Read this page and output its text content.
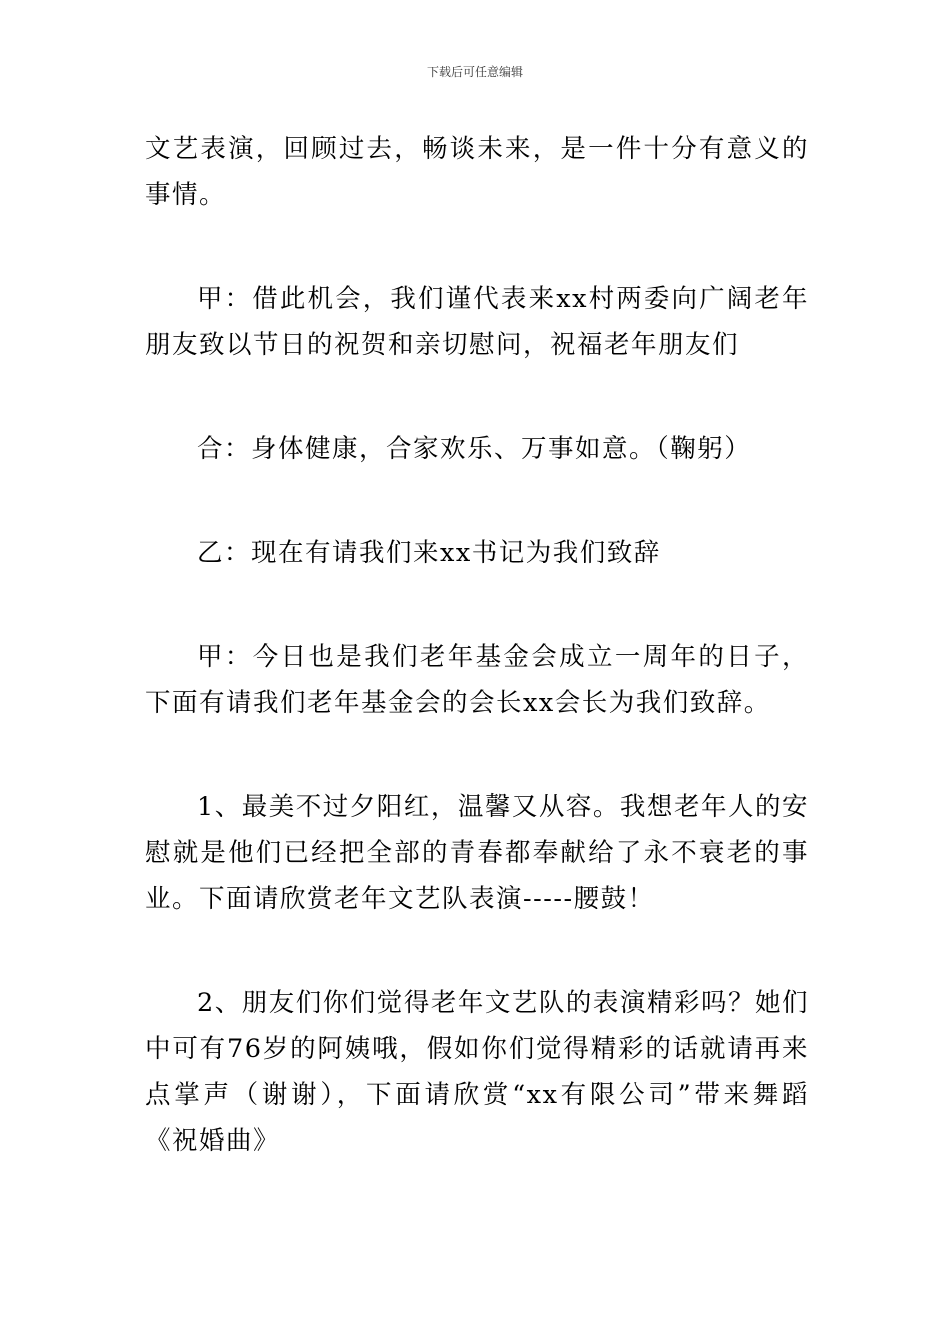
下载后可任意编辑

文艺表演，回顾过去，畅谈未来，是一件十分有意义的事情。

甲：借此机会，我们谨代表来xx村两委向广阔老年朋友致以节日的祝贺和亲切慰问，祝福老年朋友们

合：身体健康，合家欢乐、万事如意。（鞠躬）

乙：现在有请我们来xx书记为我们致辞

甲：今日也是我们老年基金会成立一周年的日子，下面有请我们老年基金会的会长xx会长为我们致辞。

1、最美不过夕阳红，温馨又从容。我想老年人的安慰就是他们已经把全部的青春都奉献给了永不衰老的事业。下面请欣赏老年文艺队表演-----腰鼓！

2、朋友们你们觉得老年文艺队的表演精彩吗？她们中可有76岁的阿姨哦，假如你们觉得精彩的话就请再来点掌声（谢谢），下面请欣赏“xx有限公司”带来舞蹈《祝婚曲》
